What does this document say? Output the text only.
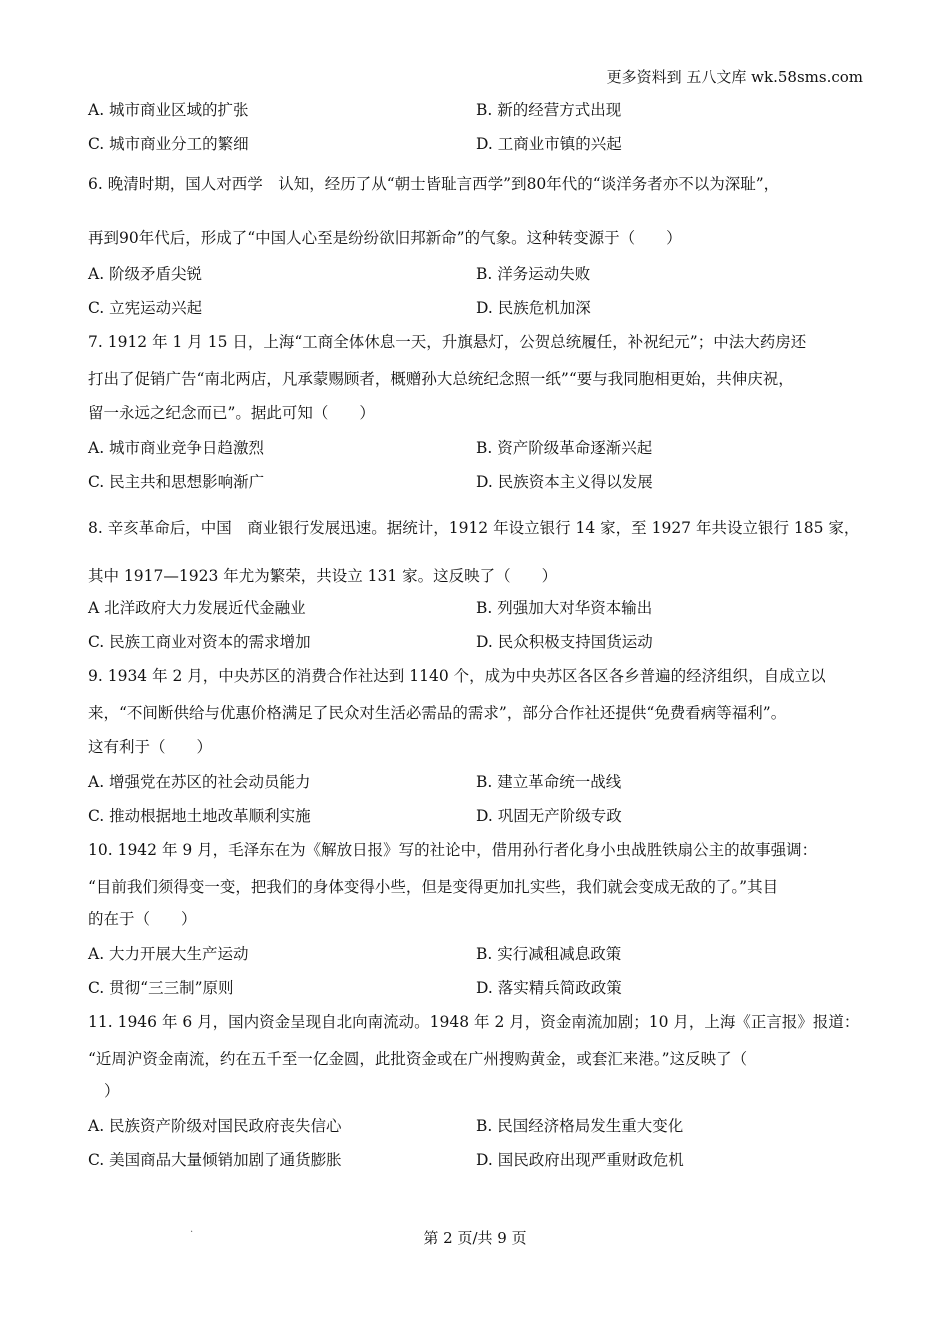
更多资料到 五八文库 wk.58sms.com
A. 城市商业区域的扩张	B. 新的经营方式出现
C. 城市商业分工的繁细	D. 工商业市镇的兴起
6. 晚清时期，国人对西学　认知，经历了从“朝士皆耻言西学”到80年代的“谈洋务者亦不以为深耻”，
再到90年代后，形成了“中国人心至是纷纷欲旧邦新命”的气象。这种转变源于（　　）
A. 阶级矛盾尖锐	B. 洋务运动失败
C. 立宪运动兴起	D. 民族危机加深
7. 1912 年 1 月 15 日，上海“工商全体休息一天，升旗悬灯，公贺总统履任，补祝纪元”；中法大药房还
打出了促销广告“南北两店，凡承蒙赐顾者，概赠孙大总统纪念照一纸”“要与我同胞相更始，共伸庆祝，
留一永远之纪念而已”。据此可知（　　）
A. 城市商业竞争日趋激烈	B. 资产阶级革命逐渐兴起
C. 民主共和思想影响渐广	D. 民族资本主义得以发展
8. 辛亥革命后，中国　商业银行发展迅速。据统计，1912 年设立银行 14 家，至 1927 年共设立银行 185 家，
其中 1917—1923 年尤为繁荣，共设立 131 家。这反映了（　　）
A 北洋政府大力发展近代金融业	B. 列强加大对华资本输出
C. 民族工商业对资本的需求增加	D. 民众积极支持国货运动
9. 1934 年 2 月，中央苏区的消费合作社达到 1140 个，成为中央苏区各区各乡普遍的经济组织，自成立以
来，“不间断供给与优惠价格满足了民众对生活必需品的需求”，部分合作社还提供“免费看病等福利”。
这有利于（　　）
A. 增强党在苏区的社会动员能力	B. 建立革命统一战线
C. 推动根据地土地改革顺利实施	D. 巩固无产阶级专政
10. 1942 年 9 月，毛泽东在为《解放日报》写的社论中，借用孙行者化身小虫战胜铁扇公主的故事强调：
“目前我们须得变一变，把我们的身体变得小些，但是变得更加扎实些，我们就会变成无敌的了。”其目
的在于（　　）
A. 大力开展大生产运动	B. 实行减租减息政策
C. 贯彻“三三制”原则	D. 落实精兵简政政策
11. 1946 年 6 月，国内资金呈现自北向南流动。1948 年 2 月，资金南流加剧；10 月，上海《正言报》报道：
“近周沪资金南流，约在五千至一亿金圆，此批资金或在广州搜购黄金，或套汇来港。”这反映了（
）
A. 民族资产阶级对国民政府丧失信心	B. 民国经济格局发生重大变化
C. 美国商品大量倾销加剧了通货膨胀	D. 国民政府出现严重财政危机
.	第 2 页/共 9 页
